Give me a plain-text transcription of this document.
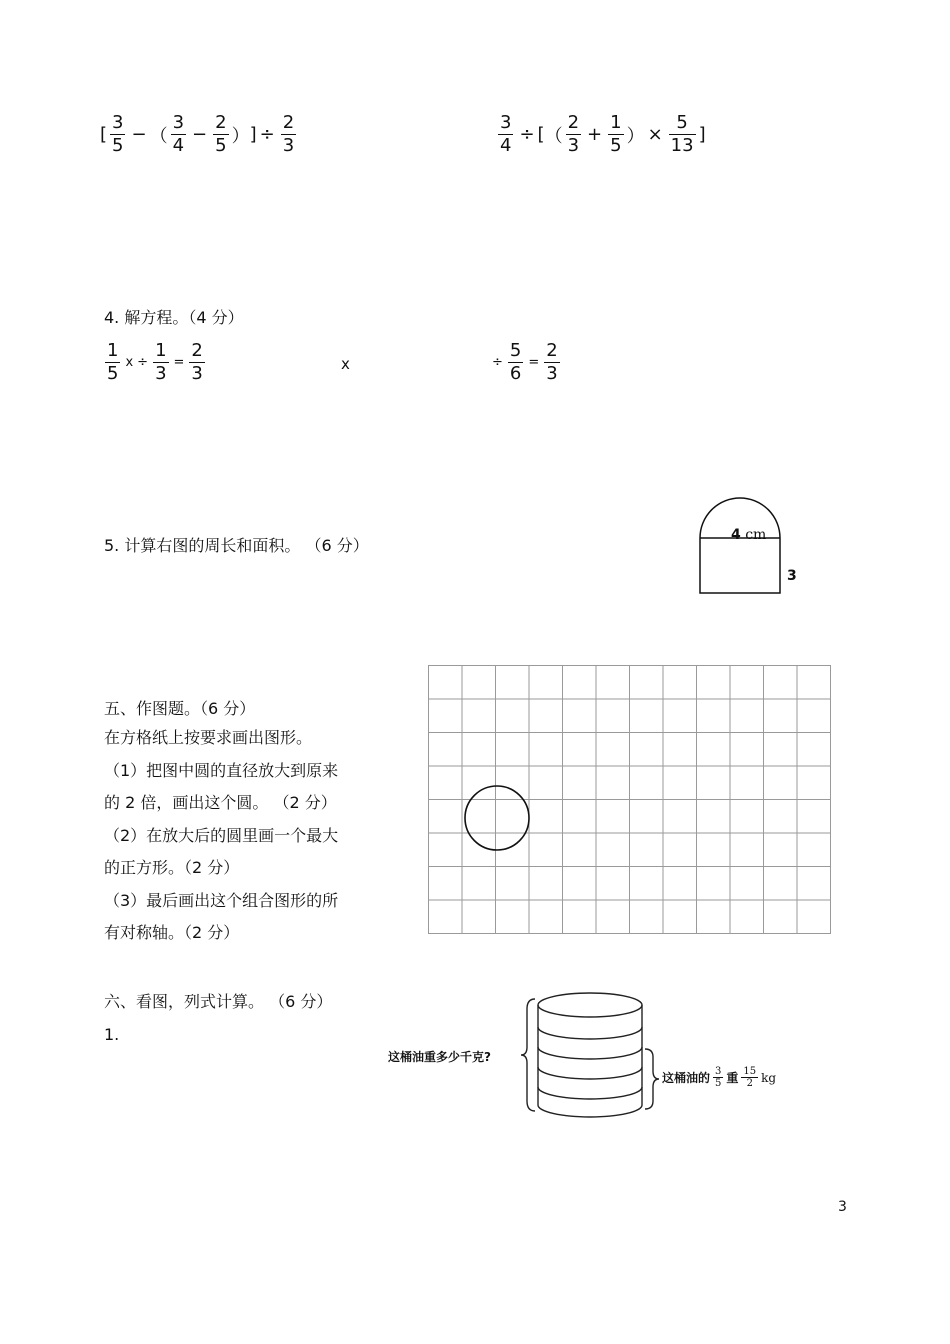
[ $\frac{3}{5}$ − （ $\frac{3}{4} - \frac{2}{5}$ ） ] ÷ $\frac{2}{3}$	$\frac{3}{4}$ ÷ [ （ $\frac{2}{3} + \frac{1}{5}$ ） × $\frac{5}{13}$ ]
4. 解方程。（4 分）
$\frac{1}{5}$ $x \div \frac{1}{3} = \frac{2}{3}$	x	÷ $\frac{5}{6} = \frac{2}{3}$
5. 计算右图的周长和面积。 （6 分）
4 cm
3
五、作图题。（6 分）
在方格纸上按要求画出图形。
（1）把图中圆的直径放大到原来
的 2 倍，画出这个圆。 （2 分）
（2）在放大后的圆里画一个最大
的正方形。（2 分）
（3）最后画出这个组合图形的所
有对称轴。（2 分）
六、看图，列式计算。 （6 分）
1.
这桶油重多少千克?
这桶油的 $\frac{3}{5}$ 重 $\frac{15}{2}$ kg
3
